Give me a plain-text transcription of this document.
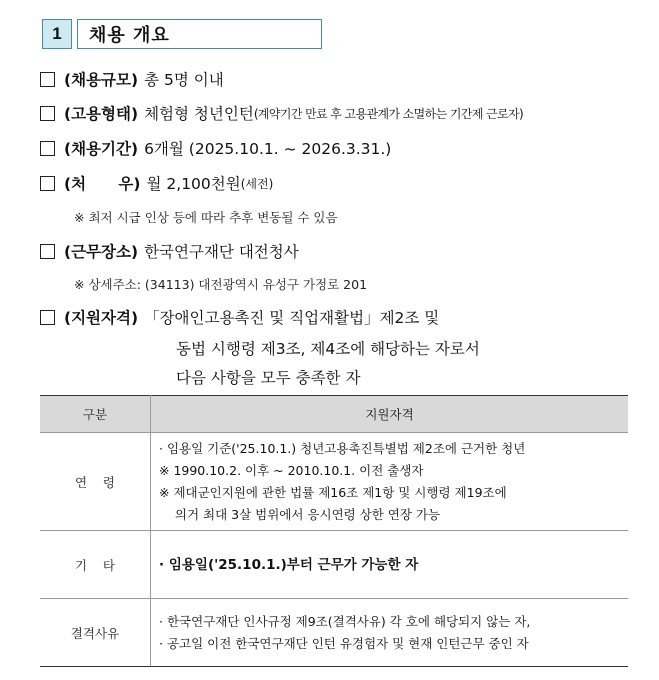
1	채용 개요
(채용규모) 총 5명 이내
(고용형태) 체험형 청년인턴 (계약기간 만료 후 고용관계가 소멸하는 기간제 근로자)
(채용기간) 6개월 (2025.10.1. ~ 2026.3.31.)
(처      우) 월 2,100천원 (세전)
※ 최저 시급 인상 등에 따라 추후 변동될 수 있음
(근무장소) 한국연구재단 대전청사
※ 상세주소: (34113) 대전광역시 유성구 가정로 201
(지원자격) 「장애인고용촉진 및 직업재활법」제2조 및
동법 시행령 제3조, 제4조에 해당하는 자로서
다음 사항을 모두 충족한 자
구분	지원자격
연    령	· 임용일 기준('25.10.1.) 청년고용촉진특별법 제2조에 근거한 청년
※ 1990.10.2. 이후 ~ 2010.10.1. 이전 출생자
※ 제대군인지원에 관한 법률 제16조 제1항 및 시행령 제19조에
의거 최대 3살 범위에서 응시연령 상한 연장 가능

기    타	· 임용일('25.10.1.)부터 근무가 가능한 자

결격사유	· 한국연구재단 인사규정 제9조(결격사유) 각 호에 해당되지 않는 자,
· 공고일 이전 한국연구재단 인턴 유경험자 및 현재 인턴근무 중인 자
